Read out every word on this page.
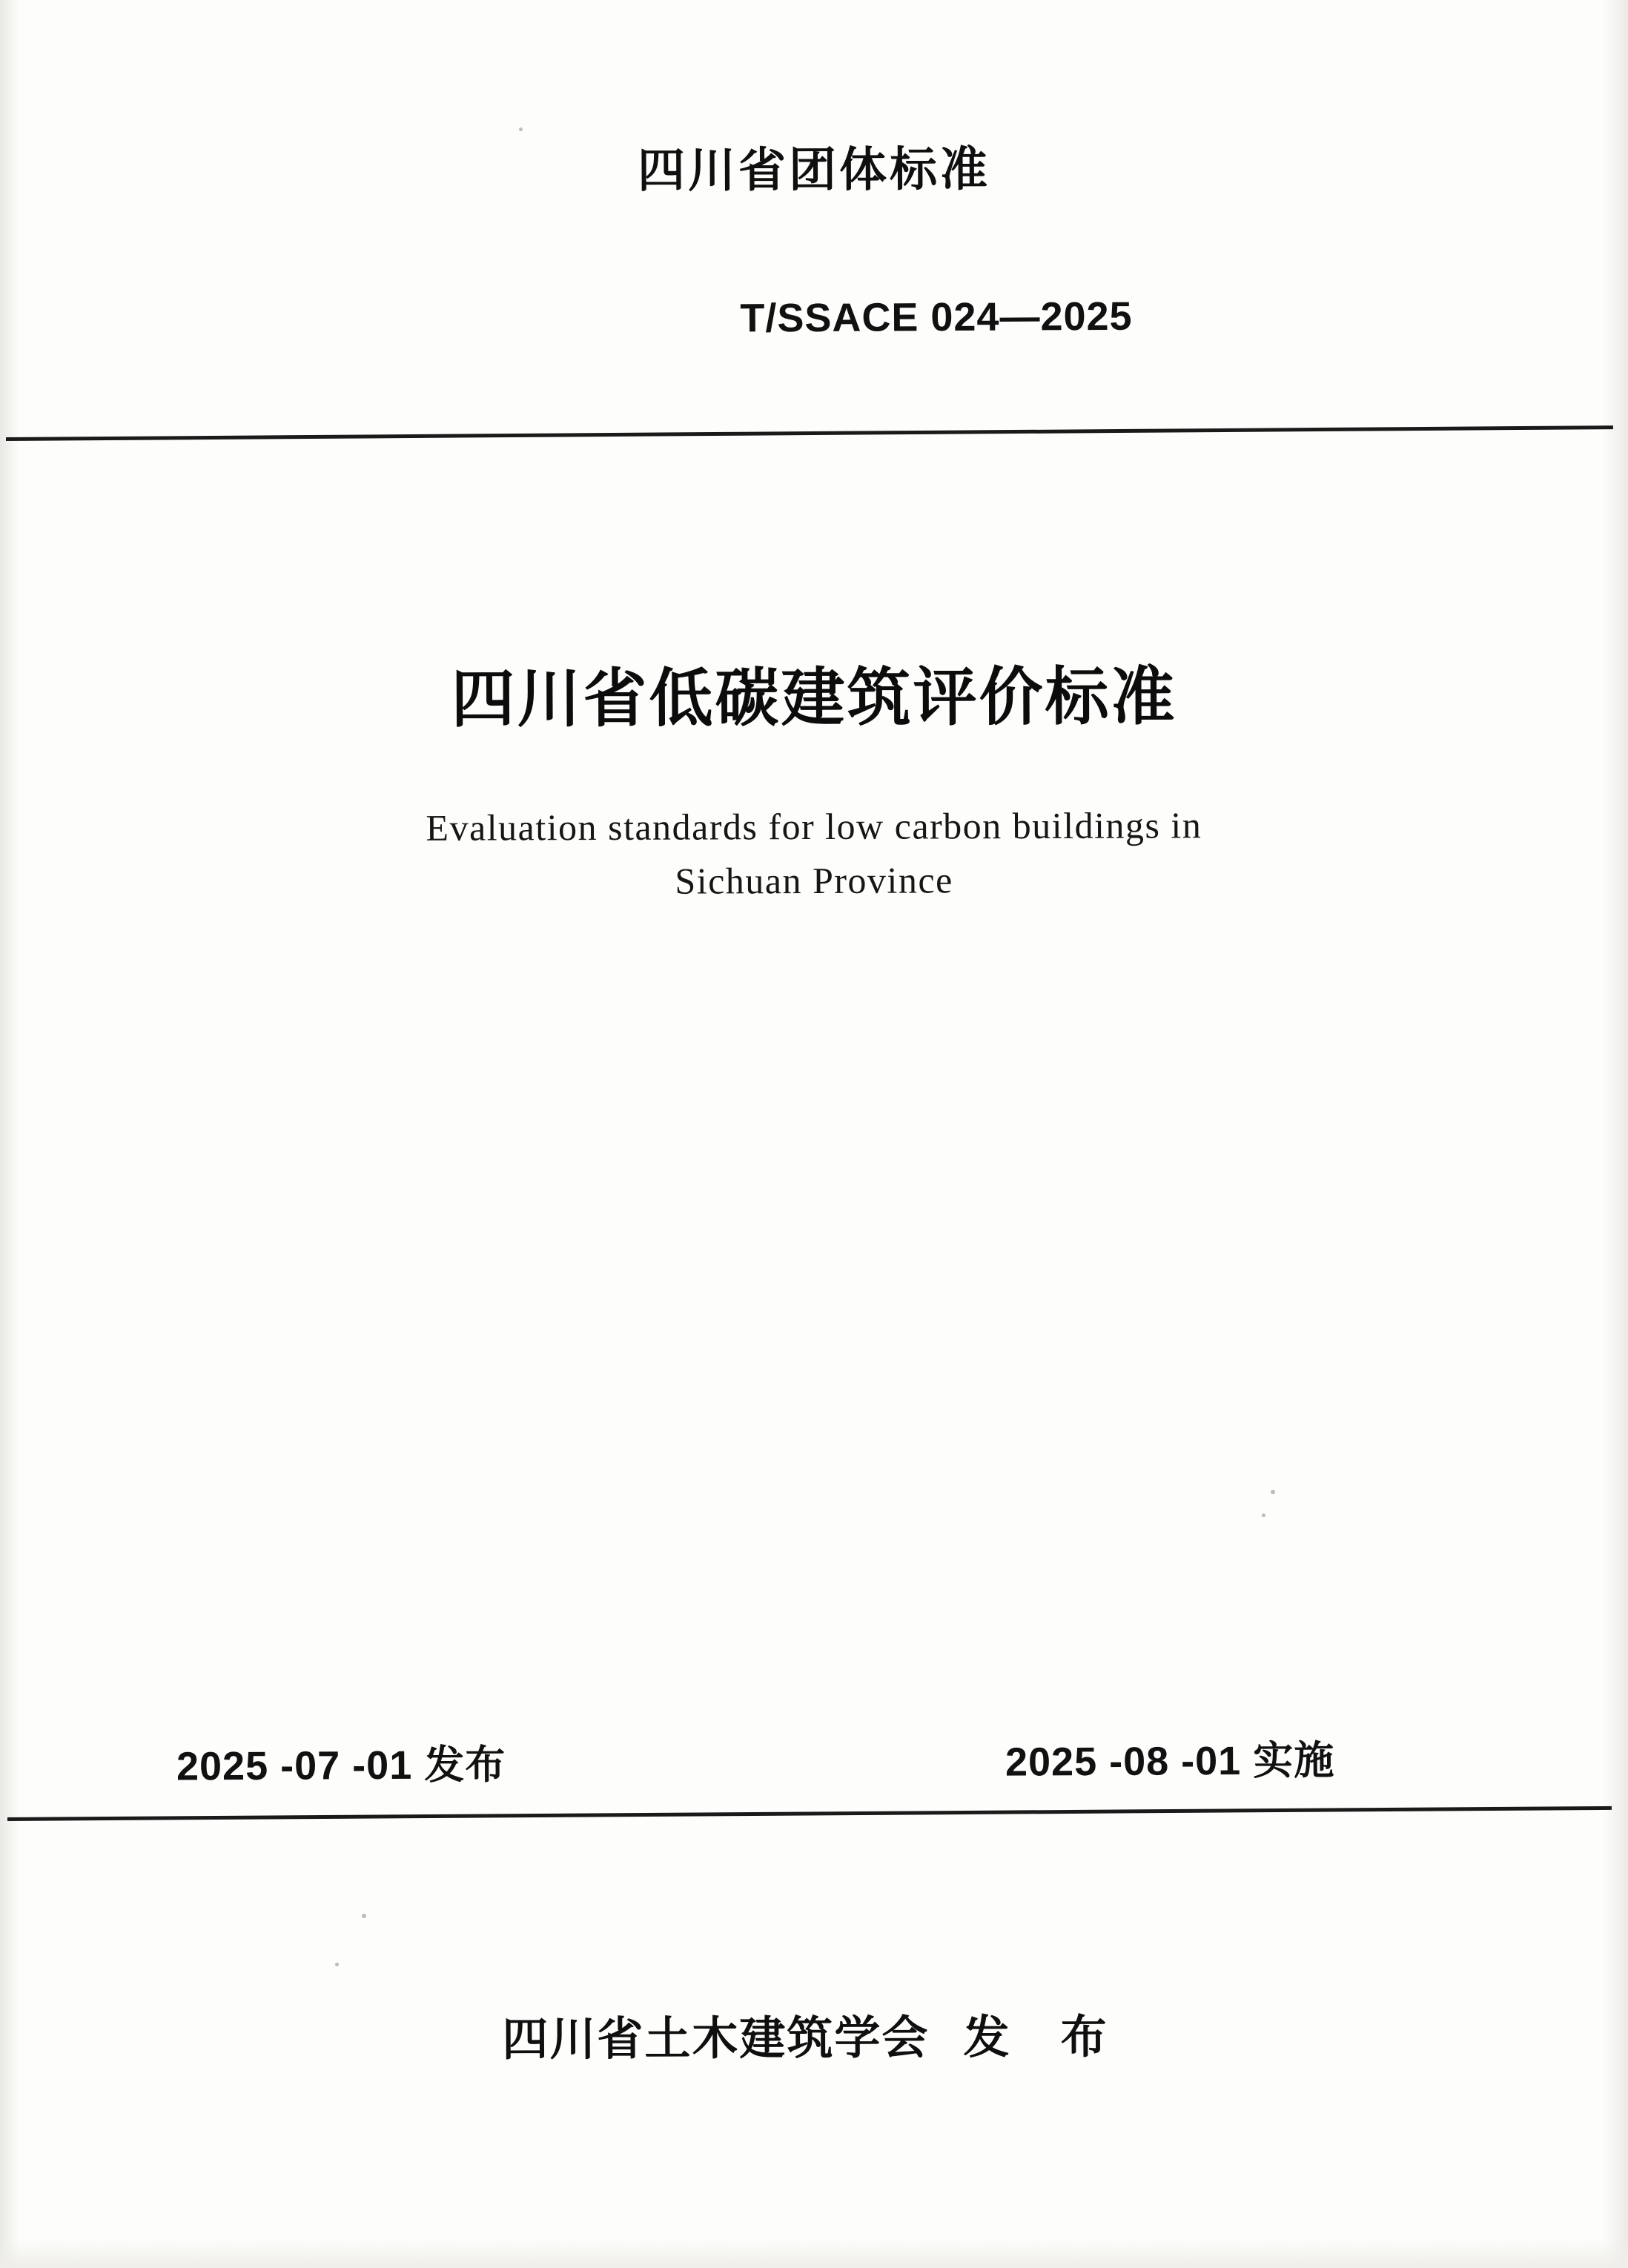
四川省团体标准
T/SSACE 024—2025
四川省低碳建筑评价标准
Evaluation standards for low carbon buildings in
Sichuan Province
2025 -07 -01 发布	2025 -08 -01 实施
四川省土木建筑学会 发 布
